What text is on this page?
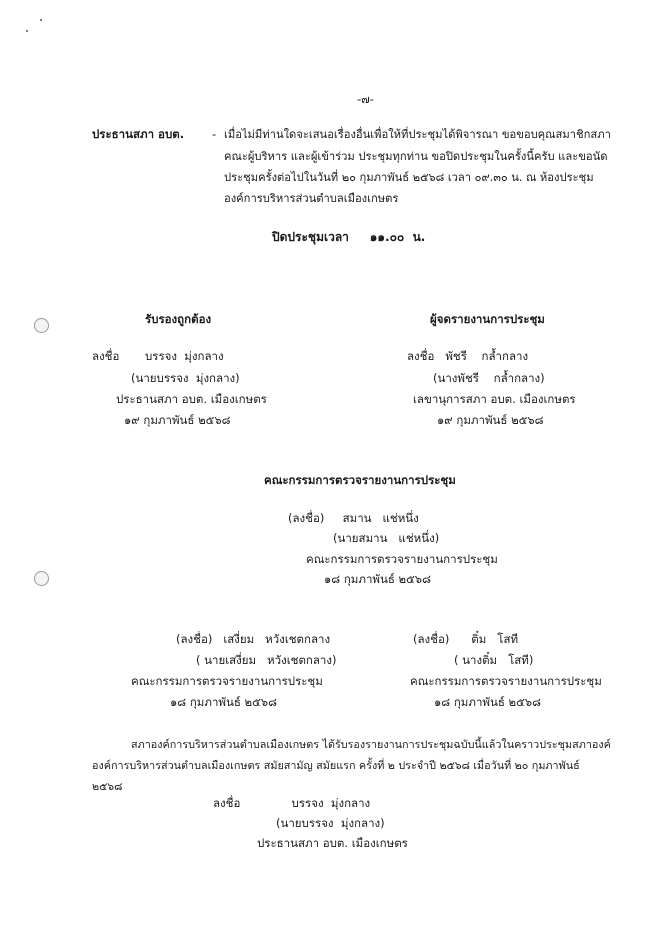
-๗-
ประธานสภา อบต. - เมื่อไม่มีท่านใดจะเสนอเรื่องอื่นเพื่อให้ที่ประชุมได้พิจารณา ขอขอบคุณสมาชิกสภา
คณะผู้บริหาร และผู้เข้าร่วม ประชุมทุกท่าน ขอปิดประชุมในครั้งนี้ครับ และขอนัด
ประชุมครั้งต่อไปในวันที่ ๒๐ กุมภาพันธ์ ๒๕๖๘ เวลา ๐๙.๓๐ น. ณ ห้องประชุม
องค์การบริหารส่วนตำบลเมืองเกษตร
ปิดประชุมเวลา     ๑๑.๐๐  น.
รับรองถูกต้อง
ลงชื่อ       บรรจง  มุ่งกลาง
(นายบรรจง  มุ่งกลาง)
ประธานสภา อบต. เมืองเกษตร
๑๙ กุมภาพันธ์ ๒๕๖๘
ผู้จดรายงานการประชุม
ลงชื่อ   พัชรี    กล้ำกลาง
(นางพัชรี    กล้ำกลาง)
เลขานุการสภา อบต. เมืองเกษตร
๑๙ กุมภาพันธ์ ๒๕๖๘
คณะกรรมการตรวจรายงานการประชุม
(ลงชื่อ)     สมาน   แช่หนึ่ง
(นายสมาน   แช่หนึ่ง)
คณะกรรมการตรวจรายงานการประชุม
๑๘ กุมภาพันธ์ ๒๕๖๘
(ลงชื่อ)   เสงี่ยม   หวังเชตกลาง
( นายเสงี่ยม   หวังเชตกลาง)
คณะกรรมการตรวจรายงานการประชุม
๑๘ กุมภาพันธ์ ๒๕๖๘
(ลงชื่อ)      ติ๋ม   โสที
( นางติ๋ม   โสที)
คณะกรรมการตรวจรายงานการประชุม
๑๘ กุมภาพันธ์ ๒๕๖๘
สภาองค์การบริหารส่วนตำบลเมืองเกษตร ได้รับรองรายงานการประชุมฉบับนี้แล้วในคราวประชุมสภาองค์
องค์การบริหารส่วนตำบลเมืองเกษตร สมัยสามัญ สมัยแรก ครั้งที่ ๒ ประจำปี ๒๕๖๘ เมื่อวันที่ ๒๐ กุมภาพันธ์
๒๕๖๘
ลงชื่อ              บรรจง  มุ่งกลาง
(นายบรรจง  มุ่งกลาง)
ประธานสภา อบต. เมืองเกษตร
